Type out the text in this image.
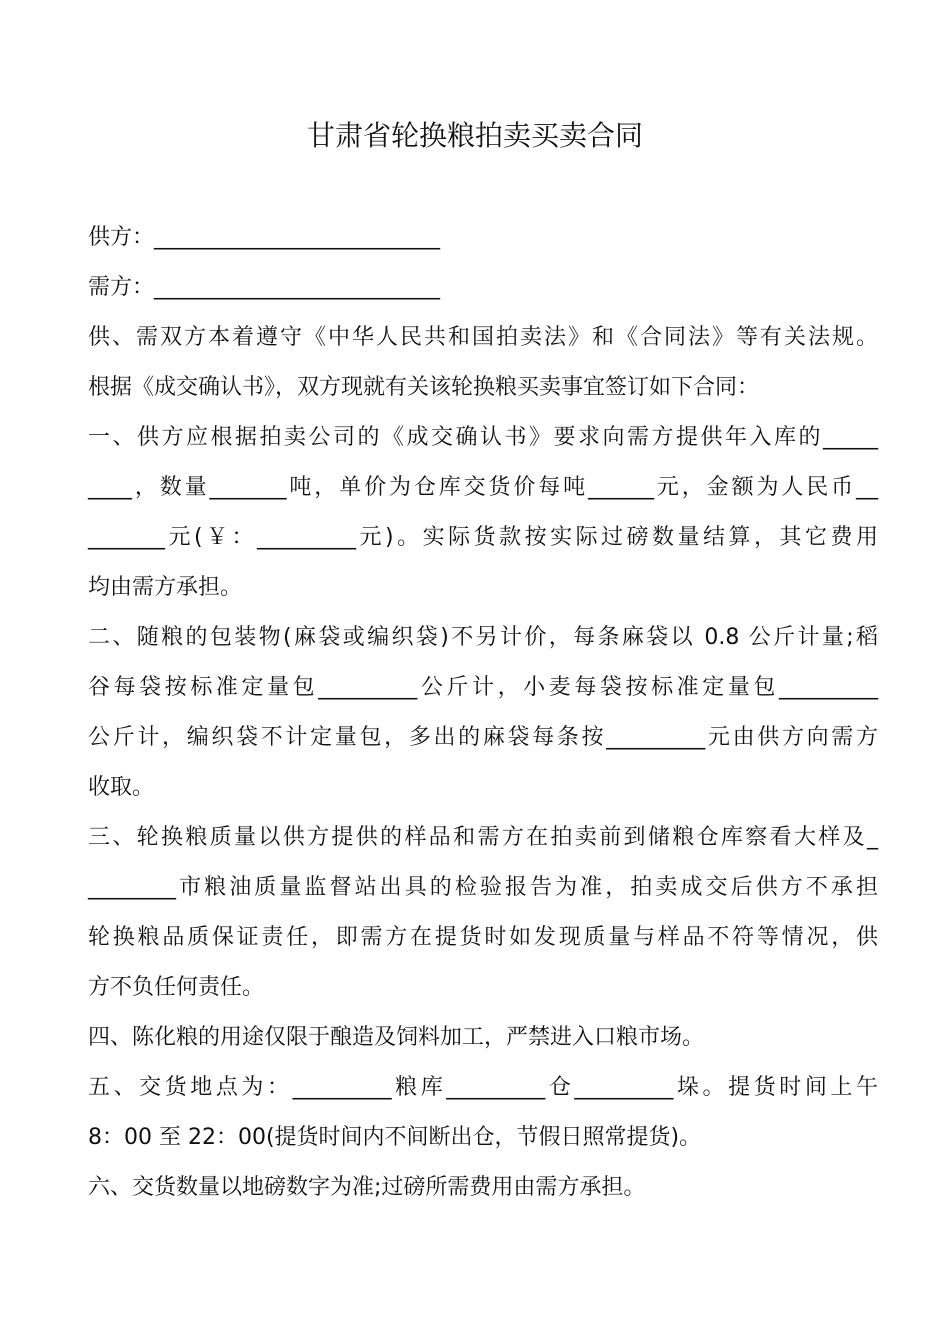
甘肃省轮换粮拍卖买卖合同
供方：__________________________
需方：__________________________
供、需双方本着遵守《中华人民共和国拍卖法》和《合同法》等有关法规。
根据《成交确认书》，双方现就有关该轮换粮买卖事宜签订如下合同：
一、供方应根据拍卖公司的《成交确认书》要求向需方提供年入库的_____
____，数量_______吨，单价为仓库交货价每吨______元，金额为人民币__
_______元(￥：_________元)。实际货款按实际过磅数量结算，其它费用
均由需方承担。
二、随粮的包装物(麻袋或编织袋)不另计价，每条麻袋以 0.8 公斤计量;稻
谷每袋按标准定量包_________公斤计，小麦每袋按标准定量包_________
公斤计，编织袋不计定量包，多出的麻袋每条按_________元由供方向需方
收取。
三、轮换粮质量以供方提供的样品和需方在拍卖前到储粮仓库察看大样及_
________市粮油质量监督站出具的检验报告为准，拍卖成交后供方不承担
轮换粮品质保证责任，即需方在提货时如发现质量与样品不符等情况，供
方不负任何责任。
四、陈化粮的用途仅限于酿造及饲料加工，严禁进入口粮市场。
五、交货地点为：_________粮库_________仓_________垛。提货时间上午
8：00 至 22：00(提货时间内不间断出仓，节假日照常提货)。
六、交货数量以地磅数字为准;过磅所需费用由需方承担。
